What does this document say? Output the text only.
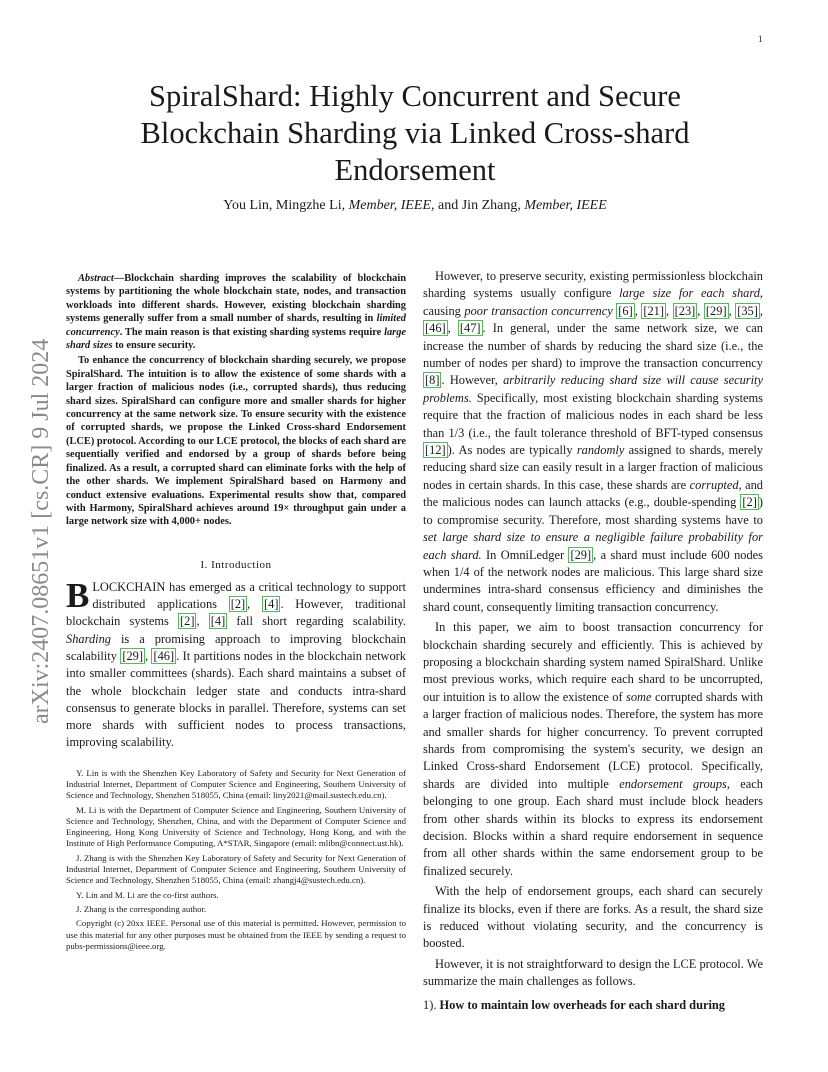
1
arXiv:2407.08651v1 [cs.CR] 9 Jul 2024
SpiralShard: Highly Concurrent and Secure
Blockchain Sharding via Linked Cross-shard
Endorsement
You Lin, Mingzhe Li, Member, IEEE, and Jin Zhang, Member, IEEE

Abstract—Blockchain sharding improves the scalability of blockchain systems by partitioning the whole blockchain state, nodes, and transaction workloads into different shards. However, existing blockchain sharding systems generally suffer from a small number of shards, resulting in limited concurrency. The main reason is that existing sharding systems require large shard sizes to ensure security.

To enhance the concurrency of blockchain sharding securely, we propose SpiralShard. The intuition is to allow the existence of some shards with a larger fraction of malicious nodes (i.e., corrupted shards), thus reducing shard sizes. SpiralShard can configure more and smaller shards for higher concurrency at the same network size. To ensure security with the existence of corrupted shards, we propose the Linked Cross-shard Endorsement (LCE) protocol. According to our LCE protocol, the blocks of each shard are sequentially verified and endorsed by a group of shards before being finalized. As a result, a corrupted shard can eliminate forks with the help of the other shards. We implement SpiralShard based on Harmony and conduct extensive evaluations. Experimental results show that, compared with Harmony, SpiralShard achieves around 19× throughput gain under a large network size with 4,000+ nodes.

I. Introduction

BLOCKCHAIN has emerged as a critical technology to support distributed applications [2] , [4] . However, traditional blockchain systems [2] , [4] fall short regarding scalability. Sharding is a promising approach to improving blockchain scalability [29] , [46] . It partitions nodes in the blockchain network into smaller committees (shards). Each shard maintains a subset of the whole blockchain ledger state and conducts intra-shard consensus to generate blocks in parallel. Therefore, systems can set more shards with sufficient nodes to process transactions, improving scalability.

Y. Lin is with the Shenzhen Key Laboratory of Safety and Security for Next Generation of Industrial Internet, Department of Computer Science and Engineering, Southern University of Science and Technology, Shenzhen 518055, China (email: liny2021@mail.sustech.edu.cn).

M. Li is with the Department of Computer Science and Engineering, Southern University of Science and Technology, Shenzhen, China, and with the Department of Computer Science and Engineering, Hong Kong University of Science and Technology, Hong Kong, and with the Institute of High Performance Computing, A*STAR, Singapore (email: mlibn@connect.ust.hk).

J. Zhang is with the Shenzhen Key Laboratory of Safety and Security for Next Generation of Industrial Internet, Department of Computer Science and Engineering, Southern University of Science and Technology, Shenzhen 518055, China (email: zhangj4@sustech.edu.cn).

Y. Lin and M. Li are the co-first authors.

J. Zhang is the corresponding author.

Copyright (c) 20xx IEEE. Personal use of this material is permitted. However, permission to use this material for any other purposes must be obtained from the IEEE by sending a request to pubs-permissions@ieee.org.

However, to preserve security, existing permissionless blockchain sharding systems usually configure large size for each shard, causing poor transaction concurrency [6] , [21] , [23] , [29] , [35] , [46] , [47] . In general, under the same network size, we can increase the number of shards by reducing the shard size (i.e., the number of nodes per shard) to improve the transaction concurrency [8] . However, arbitrarily reducing shard size will cause security problems. Specifically, most existing blockchain sharding systems require that the fraction of malicious nodes in each shard be less than 1/3 (i.e., the fault tolerance threshold of BFT-typed consensus [12] ). As nodes are typically randomly assigned to shards, merely reducing shard size can easily result in a larger fraction of malicious nodes in certain shards. In this case, these shards are corrupted, and the malicious nodes can launch attacks (e.g., double-spending [2] ) to compromise security. Therefore, most sharding systems have to set large shard size to ensure a negligible failure probability for each shard. In OmniLedger [29] , a shard must include 600 nodes when 1/4 of the network nodes are malicious. This large shard size undermines intra-shard consensus efficiency and diminishes the shard count, consequently limiting transaction concurrency.

In this paper, we aim to boost transaction concurrency for blockchain sharding securely and efficiently. This is achieved by proposing a blockchain sharding system named SpiralShard. Unlike most previous works, which require each shard to be uncorrupted, our intuition is to allow the existence of some corrupted shards with a larger fraction of malicious nodes. Therefore, the system has more and smaller shards for higher concurrency. To prevent corrupted shards from compromising the system's security, we design an Linked Cross-shard Endorsement (LCE) protocol. Specifically, shards are divided into multiple endorsement groups, each belonging to one group. Each shard must include block headers from other shards within its blocks to express its endorsement decision. Blocks within a shard require endorsement in sequence from all other shards within the same endorsement group to be finalized securely.

With the help of endorsement groups, each shard can securely finalize its blocks, even if there are forks. As a result, the shard size is reduced without violating security, and the concurrency is boosted.

However, it is not straightforward to design the LCE protocol. We summarize the main challenges as follows.

1). How to maintain low overheads for each shard during
